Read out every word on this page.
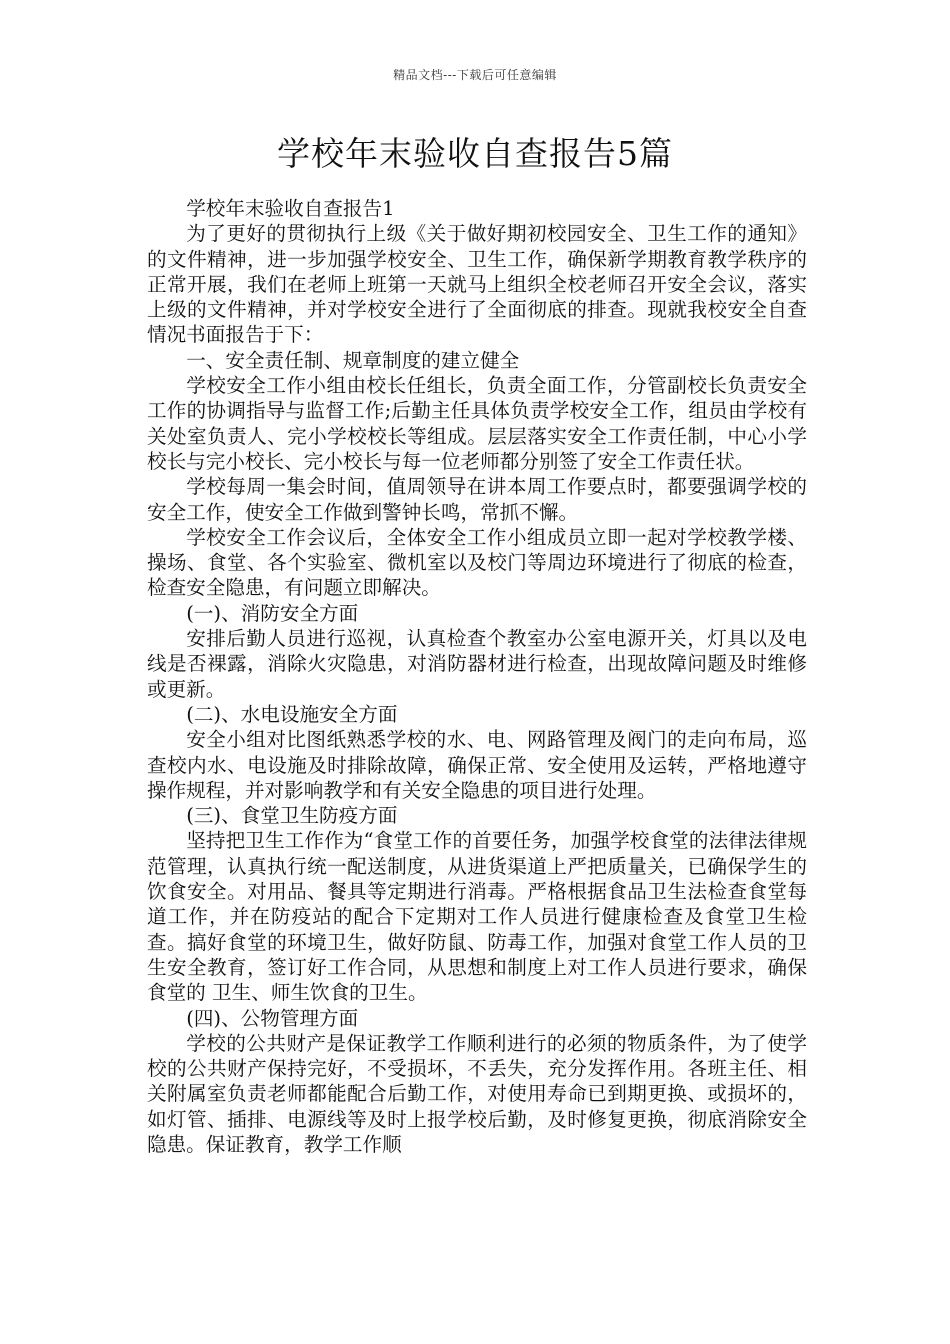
精品文档---下载后可任意编辑
学校年末验收自查报告5篇

学校年末验收自查报告1

为了更好的贯彻执行上级《关于做好期初校园安全、卫生工作的通知》的文件精神，进一步加强学校安全、卫生工作，确保新学期教育教学秩序的正常开展，我们在老师上班第一天就马上组织全校老师召开安全会议，落实上级的文件精神，并对学校安全进行了全面彻底的排查。现就我校安全自查情况书面报告于下：

一、安全责任制、规章制度的建立健全

学校安全工作小组由校长任组长，负责全面工作，分管副校长负责安全工作的协调指导与监督工作;后勤主任具体负责学校安全工作，组员由学校有关处室负责人、完小学校校长等组成。层层落实安全工作责任制，中心小学校长与完小校长、完小校长与每一位老师都分别签了安全工作责任状。

学校每周一集会时间，值周领导在讲本周工作要点时，都要强调学校的安全工作，使安全工作做到警钟长鸣，常抓不懈。

学校安全工作会议后，全体安全工作小组成员立即一起对学校教学楼、操场、食堂、各个实验室、微机室以及校门等周边环境进行了彻底的检查，检查安全隐患，有问题立即解决。

(一)、消防安全方面

安排后勤人员进行巡视，认真检查个教室办公室电源开关，灯具以及电线是否裸露，消除火灾隐患，对消防器材进行检查，出现故障问题及时维修或更新。

(二)、水电设施安全方面

安全小组对比图纸熟悉学校的水、电、网路管理及阀门的走向布局，巡查校内水、电设施及时排除故障，确保正常、安全使用及运转，严格地遵守操作规程，并对影响教学和有关安全隐患的项目进行处理。

(三)、食堂卫生防疫方面

坚持把卫生工作作为“食堂工作的首要任务，加强学校食堂的法律法律规范管理，认真执行统一配送制度，从进货渠道上严把质量关，已确保学生的饮食安全。对用品、餐具等定期进行消毒。严格根据食品卫生法检查食堂每道工作，并在防疫站的配合下定期对工作人员进行健康检查及食堂卫生检查。搞好食堂的环境卫生，做好防鼠、防毒工作，加强对食堂工作人员的卫生安全教育，签订好工作合同，从思想和制度上对工作人员进行要求，确保食堂的 卫生、师生饮食的卫生。

(四)、公物管理方面

学校的公共财产是保证教学工作顺利进行的必须的物质条件，为了使学校的公共财产保持完好，不受损坏，不丢失，充分发挥作用。各班主任、相关附属室负责老师都能配合后勤工作，对使用寿命已到期更换、或损坏的，如灯管、插排、电源线等及时上报学校后勤，及时修复更换，彻底消除安全隐患。保证教育，教学工作顺
